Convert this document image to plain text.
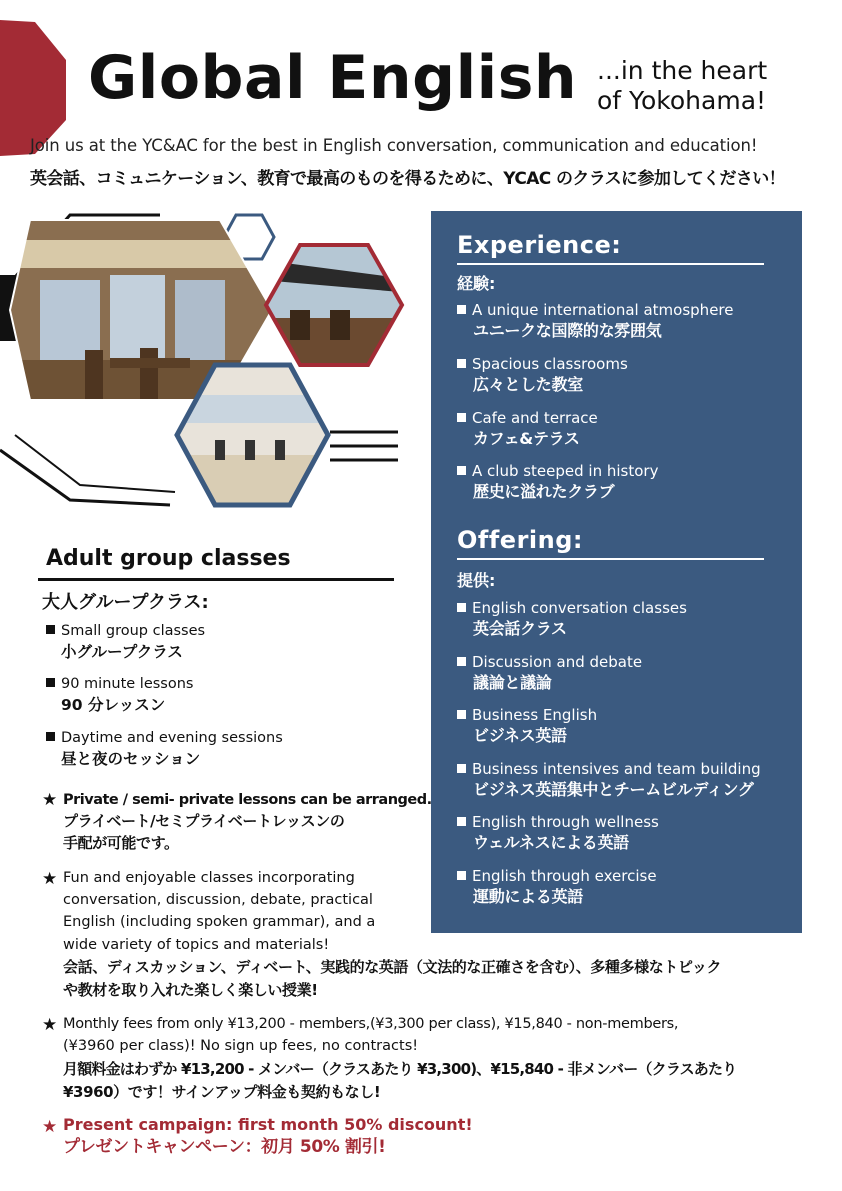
Global English ...in the heart
of Yokohama!
Join us at the YC&AC for the best in English conversation, communication and education!
英会話、コミュニケーション、教育で最高のものを得るために、YCAC のクラスに参加してください！
Experience:
経験:
A unique international atmosphere
ユニークな国際的な雰囲気
Spacious classrooms
広々とした教室
Cafe and terrace
カフェ&テラス
A club steeped in history
歴史に溢れたクラブ
Offering:
提供:
English conversation classes
英会話クラス
Discussion and debate
議論と議論
Business English
ビジネス英語
Business intensives and team building
ビジネス英語集中とチームビルディング
English through wellness
ウェルネスによる英語
English through exercise
運動による英語
Adult group classes
大人グループクラス:
Small group classes
小グループクラス
90 minute lessons
90 分レッスン
Daytime and evening sessions
昼と夜のセッション
★ Private / semi- private lessons can be arranged.
プライベート/セミプライベートレッスンの
手配が可能です。
★ Fun and enjoyable classes incorporating
conversation, discussion, debate, practical
English (including spoken grammar), and a
wide variety of topics and materials!
会話、ディスカッション、ディベート、実践的な英語（文法的な正確さを含む）、多種多様なトピック
や教材を取り入れた楽しく楽しい授業!
★ Monthly fees from only ¥13,200 - members,(¥3,300 per class), ¥15,840 - non-members,
(¥3960 per class)! No sign up fees, no contracts!
月額料金はわずか ¥13,200 - メンバー（クラスあたり ¥3,300)、¥15,840 - 非メンバー（クラスあたり
¥3960）です！サインアップ料金も契約もなし!
★ Present campaign: first month 50% discount!
プレゼントキャンペーン：初月 50% 割引!
